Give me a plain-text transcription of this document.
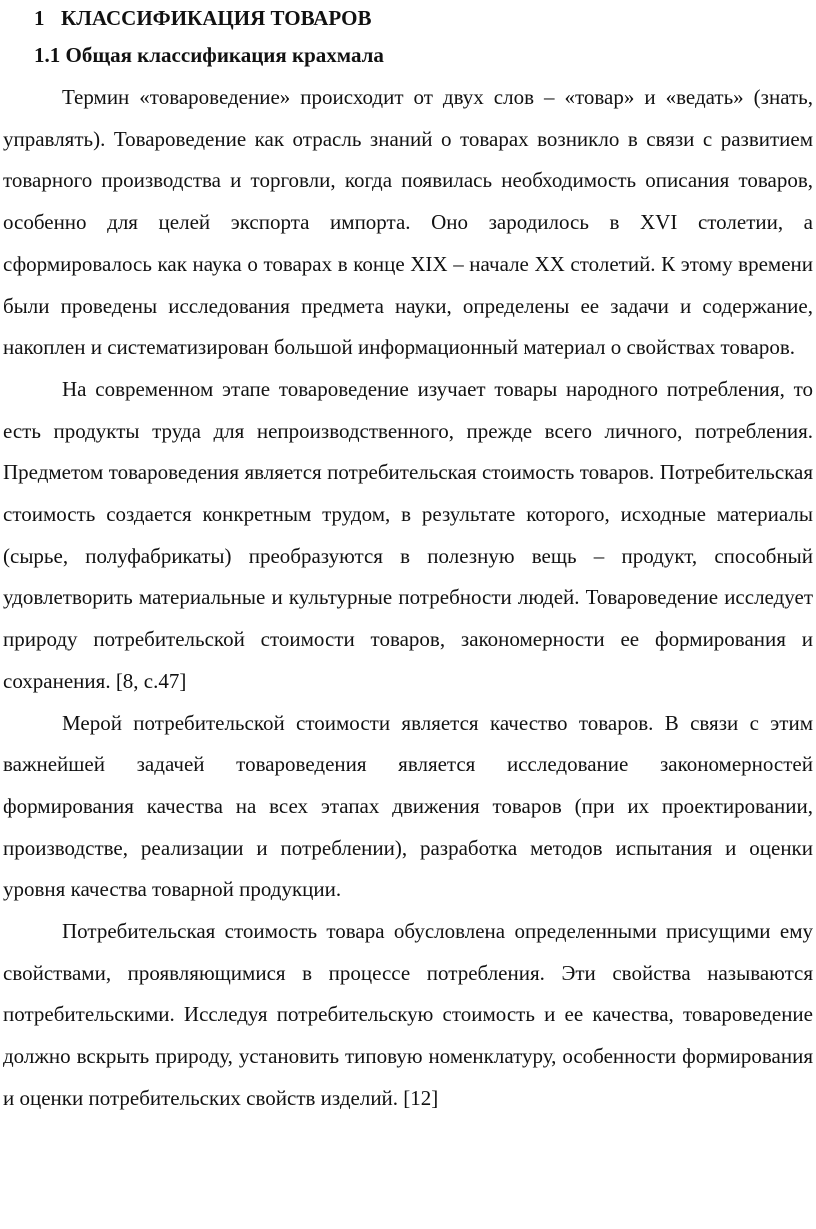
1 КЛАССИФИКАЦИЯ ТОВАРОВ
1.1 Общая классификация крахмала

Термин «товароведение» происходит от двух слов – «товар» и «ведать» (знать, управлять). Товароведение как отрасль знаний о товарах возникло в связи с развитием товарного производства и торговли, когда появилась необходимость описания товаров, особенно для целей экспорта импорта. Оно зародилось в XVI столетии, а сформировалось как наука о товарах в конце XIX – начале XX столетий. К этому времени были проведены исследования предмета науки, определены ее задачи и содержание, накоплен и систематизирован большой информационный материал о свойствах товаров.

На современном этапе товароведение изучает товары народного потребления, то есть продукты труда для непроизводственного, прежде всего личного, потребления. Предметом товароведения является потребительская стоимость товаров. Потребительская стоимость создается конкретным трудом, в результате которого, исходные материалы (сырье, полуфабрикаты) преобразуются в полезную вещь – продукт, способный удовлетворить материальные и культурные потребности людей. Товароведение исследует природу потребительской стоимости товаров, закономерности ее формирования и сохранения. [8, с.47]

Мерой потребительской стоимости является качество товаров. В связи с этим важнейшей задачей товароведения является исследование закономерностей формирования качества на всех этапах движения товаров (при их проектировании, производстве, реализации и потреблении), разработка методов испытания и оценки уровня качества товарной продукции.

Потребительская стоимость товара обусловлена определенными присущими ему свойствами, проявляющимися в процессе потребления. Эти свойства называются потребительскими. Исследуя потребительскую стоимость и ее качества, товароведение должно вскрыть природу, установить типовую номенклатуру, особенности формирования и оценки потребительских свойств изделий. [12]
